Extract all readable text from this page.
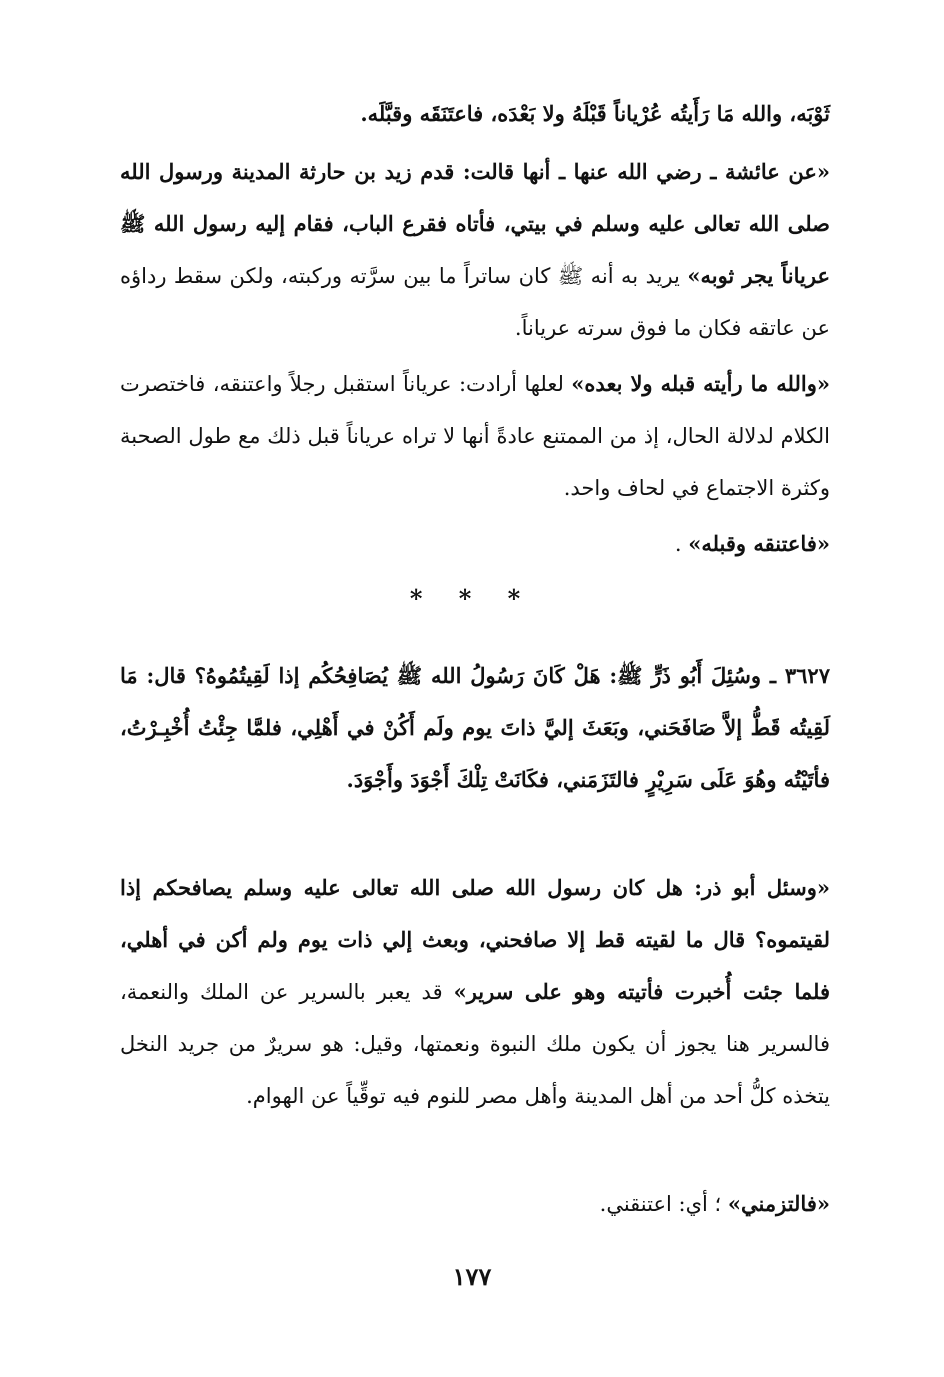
ثَوْبَه، والله مَا رَأَيتُه عُرْياناً قَبْلَهُ ولا بَعْدَه، فاعتَنَقَه وقبَّلَه.

«عن عائشة ـ رضي الله عنها ـ أنها قالت: قدم زيد بن حارثة المدينة ورسول الله صلى الله تعالى عليه وسلم في بيتي، فأتاه فقرع الباب، فقام إليه رسول الله ﷺ عرياناً يجر ثوبه» يريد به أنه ﷺ كان ساتراً ما بين سرَّته وركبته، ولكن سقط رداؤه عن عاتقه فكان ما فوق سرته عرياناً.

«والله ما رأيته قبله ولا بعده» لعلها أرادت: عرياناً استقبل رجلاً واعتنقه، فاختصرت الكلام لدلالة الحال، إذ من الممتنع عادةً أنها لا تراه عرياناً قبل ذلك مع طول الصحبة وكثرة الاجتماع في لحاف واحد.

«فاعتنقه وقبله» .

* * *

٣٦٢٧ ـ وسُئِلَ أَبُو ذَرٍّ ﷺ: هَلْ كَانَ رَسُولُ الله ﷺ يُصَافِحُكُم إذا لَقِيتُمُوهُ؟ قال: مَا لَقِيتُه قَطُّ إلاَّ صَافَحَني، وبَعَثَ إليَّ ذاتَ يوم ولَم أَكُنْ في أَهْلِي، فلمَّا جِئْتُ أُخْبِـرْتُ، فأتَيْتُه وهُوَ عَلَى سَرِيْرٍ فالتَزَمَني، فكَانَتْ تِلْكَ أَجْوَدَ وأَجْوَدَ.

«وسئل أبو ذر: هل كان رسول الله صلى الله تعالى عليه وسلم يصافحكم إذا لقيتموه؟ قال ما لقيته قط إلا صافحني، وبعث إلي ذات يوم ولم أكن في أهلي، فلما جئت أُخبرت فأتيته وهو على سرير» قد يعبر بالسرير عن الملك والنعمة، فالسرير هنا يجوز أن يكون ملك النبوة ونعمتها، وقيل: هو سريرٌ من جريد النخل يتخذه كلُّ أحد من أهل المدينة وأهل مصر للنوم فيه توقِّياً عن الهوام.

«فالتزمني» ؛ أي: اعتنقني.

١٧٧
